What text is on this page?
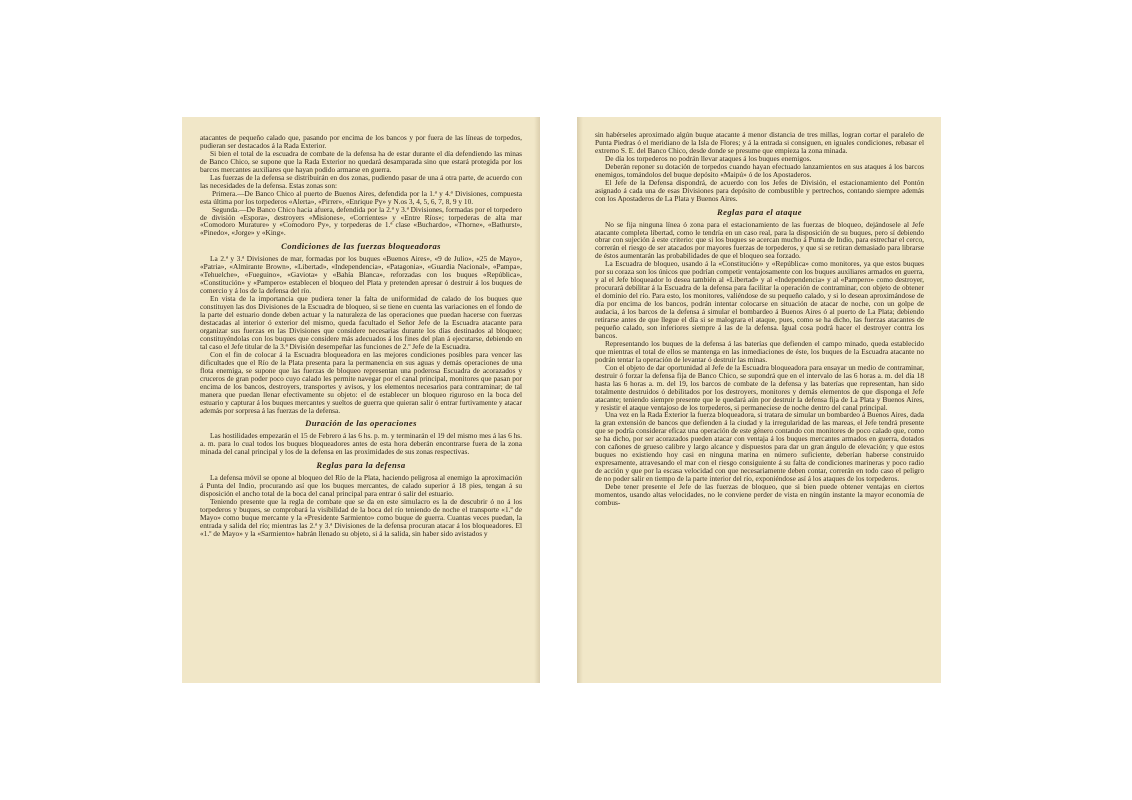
atacantes de pequeño calado que, pasando por encima de los bancos y por fuera de las líneas de torpedos, pudieran ser destacados á la Rada Exterior.

Si bien el total de la escuadra de combate de la defensa ha de estar durante el día defendiendo las minas de Banco Chico, se supone que la Rada Exterior no quedará desamparada sino que estará protegida por los barcos mercantes auxiliares que hayan podido armarse en guerra.

Las fuerzas de la defensa se distribuirán en dos zonas, pudiendo pasar de una á otra parte, de acuerdo con las necesidades de la defensa. Estas zonas son:

Primera.—De Banco Chico al puerto de Buenos Aires, defendida por la 1.ª y 4.ª Divisiones, compuesta esta última por los torpederos «Alerta», «Pirrer», «Enrique Py» y N.os 3, 4, 5, 6, 7, 8, 9 y 10.

Segunda.—De Banco Chico hacia afuera, defendida por la 2.ª y 3.ª Divisiones, formadas por el torpedero de división «Espora», destroyers «Misiones», «Corrientes» y «Entre Ríos»; torpederas de alta mar «Comodoro Murature» y «Comodoro Py», y torpederas de 1.ª clase «Buchardo», «Thorne», «Bathurst», «Pinedo», «Jorge» y «King».

Condiciones de las fuerzas bloqueadoras

La 2.ª y 3.ª Divisiones de mar, formadas por los buques «Buenos Aires», «9 de Julio», «25 de Mayo», «Patria», «Almirante Brown», «Libertad», «Independencia», «Patagonia», «Guardia Nacional», «Pampa», «Tehuelche», «Fueguino», «Gaviota» y «Bahía Blanca», reforzadas con los buques «República», «Constitución» y «Pampero» establecen el bloqueo del Plata y pretenden apresar ó destruir á los buques de comercio y á los de la defensa del río.

En vista de la importancia que pudiera tener la falta de uniformidad de calado de los buques que constituyen las dos Divisiones de la Escuadra de bloqueo, si se tiene en cuenta las variaciones en el fondo de la parte del estuario donde deben actuar y la naturaleza de las operaciones que puedan hacerse con fuerzas destacadas al interior ó exterior del mismo, queda facultado el Señor Jefe de la Escuadra atacante para organizar sus fuerzas en las Divisiones que considere necesarias durante los días destinados al bloqueo; constituyéndolas con los buques que considere más adecuados á los fines del plan á ejecutarse, debiendo en tal caso el Jefe titular de la 3.ª División desempeñar las funciones de 2.º Jefe de la Escuadra.

Con el fin de colocar á la Escuadra bloqueadora en las mejores condiciones posibles para vencer las dificultades que el Río de la Plata presenta para la permanencia en sus aguas y demás operaciones de una flota enemiga, se supone que las fuerzas de bloqueo representan una poderosa Escuadra de acorazados y cruceros de gran poder poco cuyo calado les permite navegar por el canal principal, monitores que pasan por encima de los bancos, destroyers, transportes y avisos, y los elementos necesarios para contraminar; de tal manera que puedan llenar efectivamente su objeto: el de establecer un bloqueo riguroso en la boca del estuario y capturar á los buques mercantes y sueltos de guerra que quieran salir ó entrar furtivamente y atacar además por sorpresa á las fuerzas de la defensa.

Duración de las operaciones

Las hostilidades empezarán el 15 de Febrero á las 6 hs. p. m. y terminarán el 19 del mismo mes á las 6 hs. a. m. para lo cual todos los buques bloqueadores antes de esta hora deberán encontrarse fuera de la zona minada del canal principal y los de la defensa en las proximidades de sus zonas respectivas.

Reglas para la defensa

La defensa móvil se opone al bloqueo del Río de la Plata, haciendo peligrosa al enemigo la aproximación á Punta del Indio, procurando así que los buques mercantes, de calado superior á 18 pies, tengan á su disposición el ancho total de la boca del canal principal para entrar ó salir del estuario.

Teniendo presente que la regla de combate que se da en este simulacro es la de descubrir ó no á los torpederos y buques, se comprobará la visibilidad de la boca del río teniendo de noche el transporte «1.º de Mayo» como buque mercante y la «Presidente Sarmiento» como buque de guerra. Cuantas veces puedan, la entrada y salida del río; mientras las 2.ª y 3.ª Divisiones de la defensa procuran atacar á los bloqueadores. El «1.º de Mayo» y la «Sarmiento» habrán llenado su objeto, si á la salida, sin haber sido avistados y

sin habérseles aproximado algún buque atacante á menor distancia de tres millas, logran cortar el paralelo de Punta Piedras ó el meridiano de la Isla de Flores; y á la entrada si consiguen, en iguales condiciones, rebasar el extremo S. E. del Banco Chico, desde donde se presume que empieza la zona minada.

De día los torpederos no podrán llevar ataques á los buques enemigos.

Deberán reponer su dotación de torpedos cuando hayan efectuado lanzamientos en sus ataques á los barcos enemigos, tomándolos del buque depósito «Maipú» ó de los Apostaderos.

El Jefe de la Defensa dispondrá, de acuerdo con los Jefes de División, el estacionamiento del Pontón asignado á cada una de esas Divisiones para depósito de combustible y pertrechos, contando siempre además con los Apostaderos de La Plata y Buenos Aires.

Reglas para el ataque

No se fija ninguna línea ó zona para el estacionamiento de las fuerzas de bloqueo, dejándosele al Jefe atacante completa libertad, como le tendría en un caso real, para la disposición de su buques, pero sí debiendo obrar con sujeción á este criterio: que si los buques se acercan mucho á Punta de Indio, para estrechar el cerco, correrán el riesgo de ser atacados por mayores fuerzas de torpederos, y que si se retiran demasiado para librarse de éstos aumentarán las probabilidades de que el bloqueo sea forzado.

La Escuadra de bloqueo, usando á la «Constitución» y «República» como monitores, ya que estos buques por su coraza son los únicos que podrían competir ventajosamente con los buques auxiliares armados en guerra, y al el Jefe bloqueador lo desea también al «Libertad» y al «Independencia» y al «Pampero» como destroyer, procurará debilitar á la Escuadra de la defensa para facilitar la operación de contraminar, con objeto de obtener el dominio del río. Para esto, los monitores, valiéndose de su pequeño calado, y si lo desean aproximándose de día por encima de los bancos, podrán intentar colocarse en situación de atacar de noche, con un golpe de audacia, á los barcos de la defensa á simular el bombardeo á Buenos Aires ó al puerto de La Plata; debiendo retirarse antes de que llegue el día si se malograra el ataque, pues, como se ha dicho, las fuerzas atacantes de pequeño calado, son inferiores siempre á las de la defensa. Igual cosa podrá hacer el destroyer contra los bancos.

Representando los buques de la defensa á las baterías que defienden el campo minado, queda establecido que mientras el total de ellos se mantenga en las inmediaciones de éste, los buques de la Escuadra atacante no podrán tentar la operación de levantar ó destruir las minas.

Con el objeto de dar oportunidad al Jefe de la Escuadra bloqueadora para ensayar un medio de contraminar, destruir ó forzar la defensa fija de Banco Chico, se supondrá que en el intervalo de las 6 horas a. m. del día 18 hasta las 6 horas a. m. del 19, los barcos de combate de la defensa y las baterías que representan, han sido totalmente destruidos ó debilitados por los destroyers, monitores y demás elementos de que disponga el Jefe atacante; teniendo siempre presente que le quedará aún por destruir la defensa fija de La Plata y Buenos Aires, y resistir el ataque ventajoso de los torpederos, si permaneciese de noche dentro del canal principal.

Una vez en la Rada Exterior la fuerza bloqueadora, si tratara de simular un bombardeo á Buenos Aires, dada la gran extensión de bancos que defienden á la ciudad y la irregularidad de las mareas, el Jefe tendrá presente que se podría considerar eficaz una operación de este género contando con monitores de poco calado que, como se ha dicho, por ser acorazados pueden atacar con ventaja á los buques mercantes armados en guerra, dotados con cañones de grueso calibre y largo alcance y dispuestos para dar un gran ángulo de elevación; y que estos buques no existiendo hoy casi en ninguna marina en número suficiente, deberían haberse construido expresamente, atravesando el mar con el riesgo consiguiente á su falta de condiciones marineras y poco radio de acción y que por la escasa velocidad con que necesariamente deben contar, correrán en todo caso el peligro de no poder salir en tiempo de la parte interior del río, exponiéndose así á los ataques de los torpederos.

Debe tener presente el Jefe de las fuerzas de bloqueo, que si bien puede obtener ventajas en ciertos momentos, usando altas velocidades, no le conviene perder de vista en ningún instante la mayor economía de combus-
